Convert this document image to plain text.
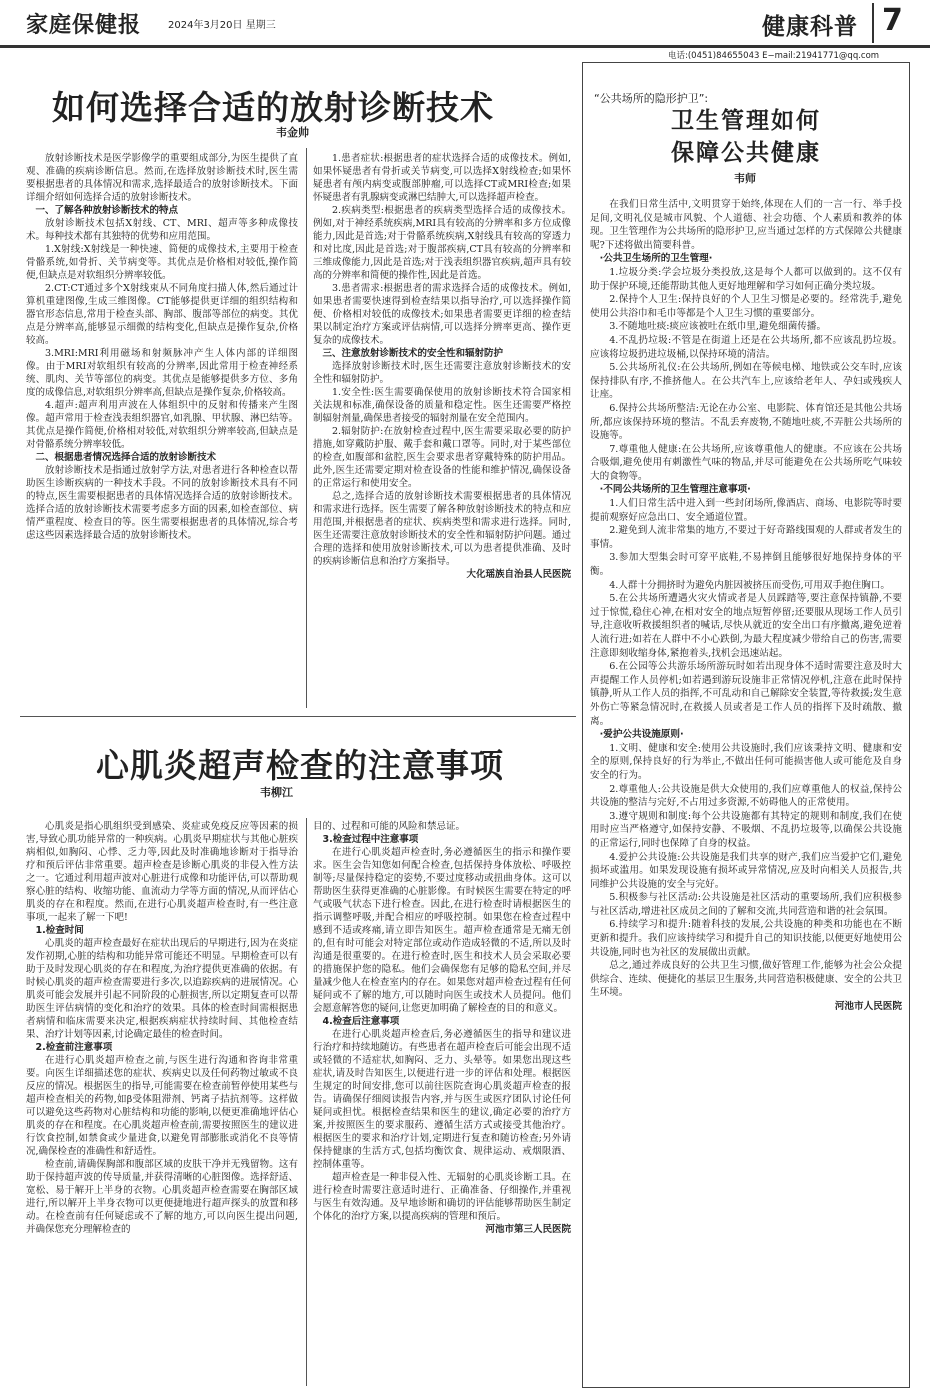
家庭保健报	2024年3月20日 星期三	健康科普 7
电话:(0451)84655043 E−mail:21941771@qq.com
如何选择合适的放射诊断技术
韦金帅

放射诊断技术是医学影像学的重要组成部分,为医生提供了直观、准确的疾病诊断信息。然而,在选择放射诊断技术时,医生需要根据患者的具体情况和需求,选择最适合的放射诊断技术。下面详细介绍如何选择合适的放射诊断技术。

一、了解各种放射诊断技术的特点

放射诊断技术包括X射线、CT、MRI、超声等多种成像技术。每种技术都有其独特的优势和应用范围。

1.X射线:X射线是一种快速、简便的成像技术,主要用于检查骨骼系统,如骨折、关节病变等。其优点是价格相对较低,操作简便,但缺点是对软组织分辨率较低。

2.CT:CT通过多个X射线束从不同角度扫描人体,然后通过计算机重建图像,生成三维图像。CT能够提供更详细的组织结构和器官形态信息,常用于检查头部、胸部、腹部等部位的病变。其优点是分辨率高,能够显示细微的结构变化,但缺点是操作复杂,价格较高。

3.MRI:MRI利用磁场和射频脉冲产生人体内部的详细图像。由于MRI对软组织有较高的分辨率,因此常用于检查神经系统、肌肉、关节等部位的病变。其优点是能够提供多方位、多角度的成像信息,对软组织分辨率高,但缺点是操作复杂,价格较高。

4.超声:超声利用声波在人体组织中的反射和传播来产生图像。超声常用于检查浅表组织器官,如乳腺、甲状腺、淋巴结等。其优点是操作简便,价格相对较低,对软组织分辨率较高,但缺点是对骨骼系统分辨率较低。

二、根据患者情况选择合适的放射诊断技术

放射诊断技术是指通过放射学方法,对患者进行各种检查以帮助医生诊断疾病的一种技术手段。不同的放射诊断技术具有不同的特点,医生需要根据患者的具体情况选择合适的放射诊断技术。选择合适的放射诊断技术需要考虑多方面的因素,如检查部位、病情严重程度、检查目的等。医生需要根据患者的具体情况,综合考虑这些因素选择最合适的放射诊断技术。

1.患者症状:根据患者的症状选择合适的成像技术。例如,如果怀疑患者有骨折或关节病变,可以选择X射线检查;如果怀疑患者有颅内病变或腹部肿瘤,可以选择CT或MRI检查;如果怀疑患者有乳腺病变或淋巴结肿大,可以选择超声检查。

2.疾病类型:根据患者的疾病类型选择合适的成像技术。例如,对于神经系统疾病,MRI具有较高的分辨率和多方位成像能力,因此是首选;对于骨骼系统疾病,X射线具有较高的穿透力和对比度,因此是首选;对于腹部疾病,CT具有较高的分辨率和三维成像能力,因此是首选;对于浅表组织器官疾病,超声具有较高的分辨率和简便的操作性,因此是首选。

3.患者需求:根据患者的需求选择合适的成像技术。例如,如果患者需要快速得到检查结果以指导治疗,可以选择操作简便、价格相对较低的成像技术;如果患者需要更详细的检查结果以制定治疗方案或评估病情,可以选择分辨率更高、操作更复杂的成像技术。

三、注意放射诊断技术的安全性和辐射防护

选择放射诊断技术时,医生还需要注意放射诊断技术的安全性和辐射防护。

1.安全性:医生需要确保使用的放射诊断技术符合国家相关法规和标准,确保设备的质量和稳定性。医生还需要严格控制辐射剂量,确保患者接受的辐射剂量在安全范围内。

2.辐射防护:在放射检查过程中,医生需要采取必要的防护措施,如穿戴防护服、戴手套和戴口罩等。同时,对于某些部位的检查,如腹部和盆腔,医生会要求患者穿戴特殊的防护用品。此外,医生还需要定期对检查设备的性能和维护情况,确保设备的正常运行和使用安全。

总之,选择合适的放射诊断技术需要根据患者的具体情况和需求进行选择。医生需要了解各种放射诊断技术的特点和应用范围,并根据患者的症状、疾病类型和需求进行选择。同时,医生还需要注意放射诊断技术的安全性和辐射防护问题。通过合理的选择和使用放射诊断技术,可以为患者提供准确、及时的疾病诊断信息和治疗方案指导。

大化瑶族自治县人民医院

心肌炎超声检查的注意事项
韦柳江

心肌炎是指心肌组织受到感染、炎症或免疫反应等因素的损害,导致心肌功能异常的一种疾病。心肌炎早期症状与其他心脏疾病相似,如胸闷、心悸、乏力等,因此及时准确地诊断对于指导治疗和预后评估非常重要。超声检查是诊断心肌炎的非侵入性方法之一。它通过利用超声波对心脏进行成像和功能评估,可以帮助观察心脏的结构、收缩功能、血流动力学等方面的情况,从而评估心肌炎的存在和程度。然而,在进行心肌炎超声检查时,有一些注意事项,一起来了解一下吧!

1.检查时间

心肌炎的超声检查最好在症状出现后的早期进行,因为在炎症发作初期,心脏的结构和功能异常可能还不明显。早期检查可以有助于及时发现心肌炎的存在和程度,为治疗提供更准确的依据。有时候心肌炎的超声检查需要进行多次,以追踪疾病的进展情况。心肌炎可能会发展并引起不同阶段的心脏损害,所以定期复查可以帮助医生评估病情的变化和治疗的效果。具体的检查时间需根据患者病情和临床需要来决定,根据疾病症状持续时间、其他检查结果、治疗计划等因素,讨论确定最佳的检查时间。

2.检查前注意事项

在进行心肌炎超声检查之前,与医生进行沟通和咨询非常重要。向医生详细描述您的症状、疾病史以及任何药物过敏或不良反应的情况。根据医生的指导,可能需要在检查前暂停使用某些与超声检查相关的药物,如β受体阻滞剂、钙离子拮抗剂等。这样做可以避免这些药物对心脏结构和功能的影响,以便更准确地评估心肌炎的存在和程度。在心肌炎超声检查前,需要按照医生的建议进行饮食控制,如禁食或少量进食,以避免胃部膨胀或消化不良等情况,确保检查的准确性和舒适性。

检查前,请确保胸部和腹部区域的皮肤干净并无残留物。这有助于保持超声波的传导质量,并获得清晰的心脏图像。选择舒适、宽松、易于解开上半身的衣物。心肌炎超声检查需要在胸部区域进行,所以解开上半身衣物可以更便捷地进行超声探头的放置和移动。在检查前有任何疑虑或不了解的地方,可以向医生提出问题,并确保您充分理解检查的

目的、过程和可能的风险和禁忌证。

3.检查过程中注意事项

在进行心肌炎超声检查时,务必遵循医生的指示和操作要求。医生会告知您如何配合检查,包括保持身体放松、呼吸控制等;尽量保持稳定的姿势,不要过度移动或扭曲身体。这可以帮助医生获得更准确的心脏影像。有时候医生需要在特定的呼气或吸气状态下进行检查。因此,在进行检查时请根据医生的指示调整呼吸,并配合相应的呼吸控制。如果您在检查过程中感到不适或疼痛,请立即告知医生。超声检查通常是无痛无创的,但有时可能会对特定部位或动作造成轻微的不适,所以及时沟通是很重要的。在进行检查时,医生和技术人员会采取必要的措施保护您的隐私。他们会确保您有足够的隐私空间,并尽量减少他人在检查室内的存在。如果您对超声检查过程有任何疑问或不了解的地方,可以随时向医生或技术人员提问。他们会愿意解答您的疑问,让您更加明确了解检查的目的和意义。

4.检查后注意事项

在进行心肌炎超声检查后,务必遵循医生的指导和建议进行治疗和持续地随访。有些患者在超声检查后可能会出现不适或轻微的不适症状,如胸闷、乏力、头晕等。如果您出现这些症状,请及时告知医生,以便进行进一步的评估和处理。根据医生规定的时间安排,您可以前往医院查询心肌炎超声检查的报告。请确保仔细阅读报告内容,并与医生或医疗团队讨论任何疑问或担忧。根据检查结果和医生的建议,确定必要的治疗方案,并按照医生的要求服药、遵循生活方式或接受其他治疗。根据医生的要求和治疗计划,定期进行复查和随访检查;另外请保持健康的生活方式,包括均衡饮食、规律运动、戒烟限酒、控制体重等。

超声检查是一种非侵入性、无辐射的心肌炎诊断工具。在进行检查时需要注意适时进行、正确准备、仔细操作,并重视与医生有效沟通。及早地诊断和确切的评估能够帮助医生制定个体化的治疗方案,以提高疾病的管理和预后。

河池市第三人民医院

“公共场所的隐形护卫”:
卫生管理如何
保障公共健康
韦师

在我们日常生活中,文明贯穿于始终,体现在人们的一言一行、举手投足间,文明礼仪是城市风貌、个人道德、社会功德、个人素质和教养的体现。卫生管理作为公共场所的隐形护卫,应当通过怎样的方式保障公共健康呢?下述将做出简要科普。

·公共卫生场所的卫生管理·

1.垃圾分类:学会垃圾分类投放,这是每个人都可以做到的。这不仅有助于保护环境,还能帮助其他人更好地理解和学习如何正确分类垃圾。

2.保持个人卫生:保持良好的个人卫生习惯是必要的。经常洗手,避免使用公共浴巾和毛巾等都是个人卫生习惯的重要部分。

3.不随地吐痰:痰应该被吐在纸巾里,避免细菌传播。

4.不乱扔垃圾:不管是在街道上还是在公共场所,都不应该乱扔垃圾。应该将垃圾扔进垃圾桶,以保持环境的清洁。

5.公共场所礼仪:在公共场所,例如在等候电梯、地铁或公交车时,应该保持排队有序,不推挤他人。在公共汽车上,应该给老年人、孕妇或残疾人让座。

6.保持公共场所整洁:无论在办公室、电影院、体育馆还是其他公共场所,都应该保持环境的整洁。不乱丢弃废物,不随地吐痰,不弄脏公共场所的设施等。

7.尊重他人健康:在公共场所,应该尊重他人的健康。不应该在公共场合吸烟,避免使用有刺激性气味的物品,并尽可能避免在公共场所吃气味较大的食物等。

·不同公共场所的卫生管理注意事项·

1.人们日常生活中进入到一些封闭场所,像酒店、商场、电影院等时要提前观察好应急出口、安全通道位置。

2.避免到人流非常集的地方,不要过于好奇路线围观的人群或者发生的事情。

3.参加大型集会时可穿平底鞋,不易摔倒且能够很好地保持身体的平衡。

4.人群十分拥挤时为避免内脏因被挤压而受伤,可用双手抱住胸口。

5.在公共场所遭遇火灾火情或者是人员踩踏等,要注意保持镇静,不要过于惊慌,稳住心神,在相对安全的地点短暂停留;还要服从现场工作人员引导,注意收听救援组织者的喊话,尽快从就近的安全出口有序撤离,避免逆着人流行进;如若在人群中不小心跌倒,为最大程度减少带给自己的伤害,需要注意即刻收缩身体,紧抱着头,找机会迅速站起。

6.在公园等公共游乐场所游玩时如若出现身体不适时需要注意及时大声提醒工作人员停机;如若遇到游玩设施非正常情况停机,注意在此时保持镇静,听从工作人员的指挥,不可乱动和自己解除安全装置,等待救援;发生意外伤亡等紧急情况时,在救援人员或者是工作人员的指挥下及时疏散、撤离。

·爱护公共设施原则·

1.文明、健康和安全:使用公共设施时,我们应该秉持文明、健康和安全的原则,保持良好的行为举止,不做出任何可能损害他人或可能危及自身安全的行为。

2.尊重他人:公共设施是供大众使用的,我们应尊重他人的权益,保持公共设施的整洁与完好,不占用过多资源,不妨碍他人的正常使用。

3.遵守规则和制度:每个公共设施都有其特定的规则和制度,我们在使用时应当严格遵守,如保持安静、不吸烟、不乱扔垃圾等,以确保公共设施的正常运行,同时也保障了自身的权益。

4.爱护公共设施:公共设施是我们共享的财产,我们应当爱护它们,避免损坏或滥用。如果发现设施有损坏或异常情况,应及时向相关人员报告,共同维护公共设施的安全与完好。

5.积极参与社区活动:公共设施是社区活动的重要场所,我们应积极参与社区活动,增进社区成员之间的了解和交流,共同营造和谐的社会氛围。

6.持续学习和提升:随着科技的发展,公共设施的种类和功能也在不断更新和提升。我们应该持续学习和提升自己的知识技能,以便更好地使用公共设施,同时也为社区的发展做出贡献。

总之,通过养成良好的公共卫生习惯,做好管理工作,能够为社会公众提供综合、连续、便捷化的基层卫生服务,共同营造积极健康、安全的公共卫生环境。

河池市人民医院
